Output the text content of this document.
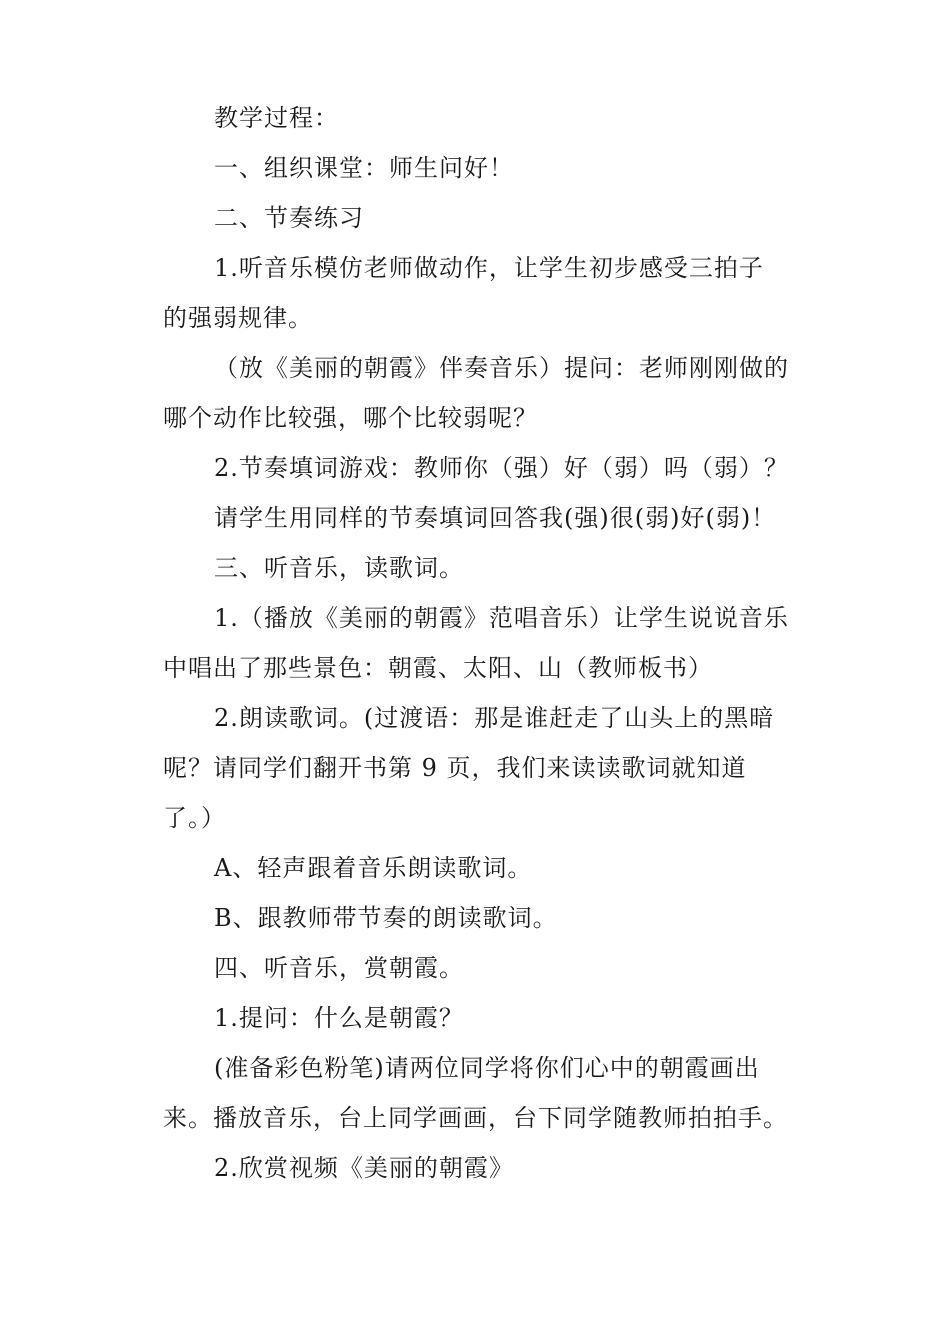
教学过程：
一、组织课堂：师生问好！
二、节奏练习
1.听音乐模仿老师做动作，让学生初步感受三拍子
的强弱规律。
（放《美丽的朝霞》伴奏音乐）提问：老师刚刚做的
哪个动作比较强，哪个比较弱呢？
2.节奏填词游戏：教师你（强）好（弱）吗（弱）？
请学生用同样的节奏填词回答我(强)很(弱)好(弱)！
三、听音乐，读歌词。
1.（播放《美丽的朝霞》范唱音乐）让学生说说音乐
中唱出了那些景色：朝霞、太阳、山（教师板书）
2.朗读歌词。(过渡语：那是谁赶走了山头上的黑暗
呢？请同学们翻开书第 9 页，我们来读读歌词就知道
了。）
A、轻声跟着音乐朗读歌词。
B、跟教师带节奏的朗读歌词。
四、听音乐，赏朝霞。
1.提问：什么是朝霞？
(准备彩色粉笔)请两位同学将你们心中的朝霞画出
来。播放音乐，台上同学画画，台下同学随教师拍拍手。
2.欣赏视频《美丽的朝霞》
